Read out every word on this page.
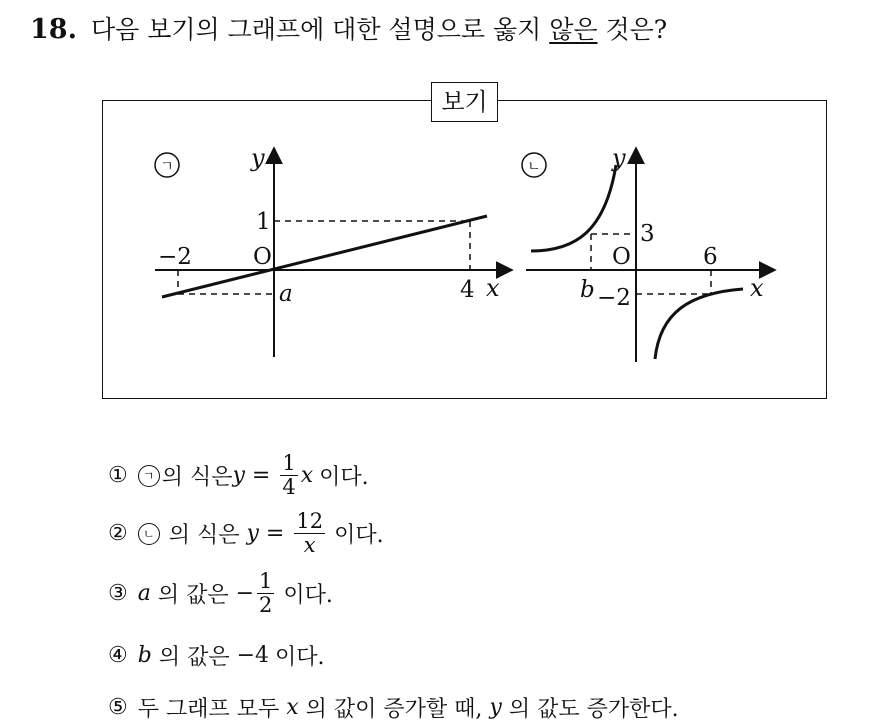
18. 다음 보기의 그래프에 대한 설명으로 옳지 않은 것은?
보기
ㄱ	y
x
O
−2
4
1
a
ㄴ	y
x
O	6
3
−2
b
①	ㄱ 의 식은 $y = \frac{1}{4}$ x 이다.
②	ㄴ 의 식은 $y = \frac{12}{x}$ 이다.
③ a 의 값은 − $\frac{1}{2}$ 이다.
④ b 의 값은 −4 이다.
⑤ 두 그래프 모두 x 의 값이 증가할 때, y 의 값도 증가한다.
